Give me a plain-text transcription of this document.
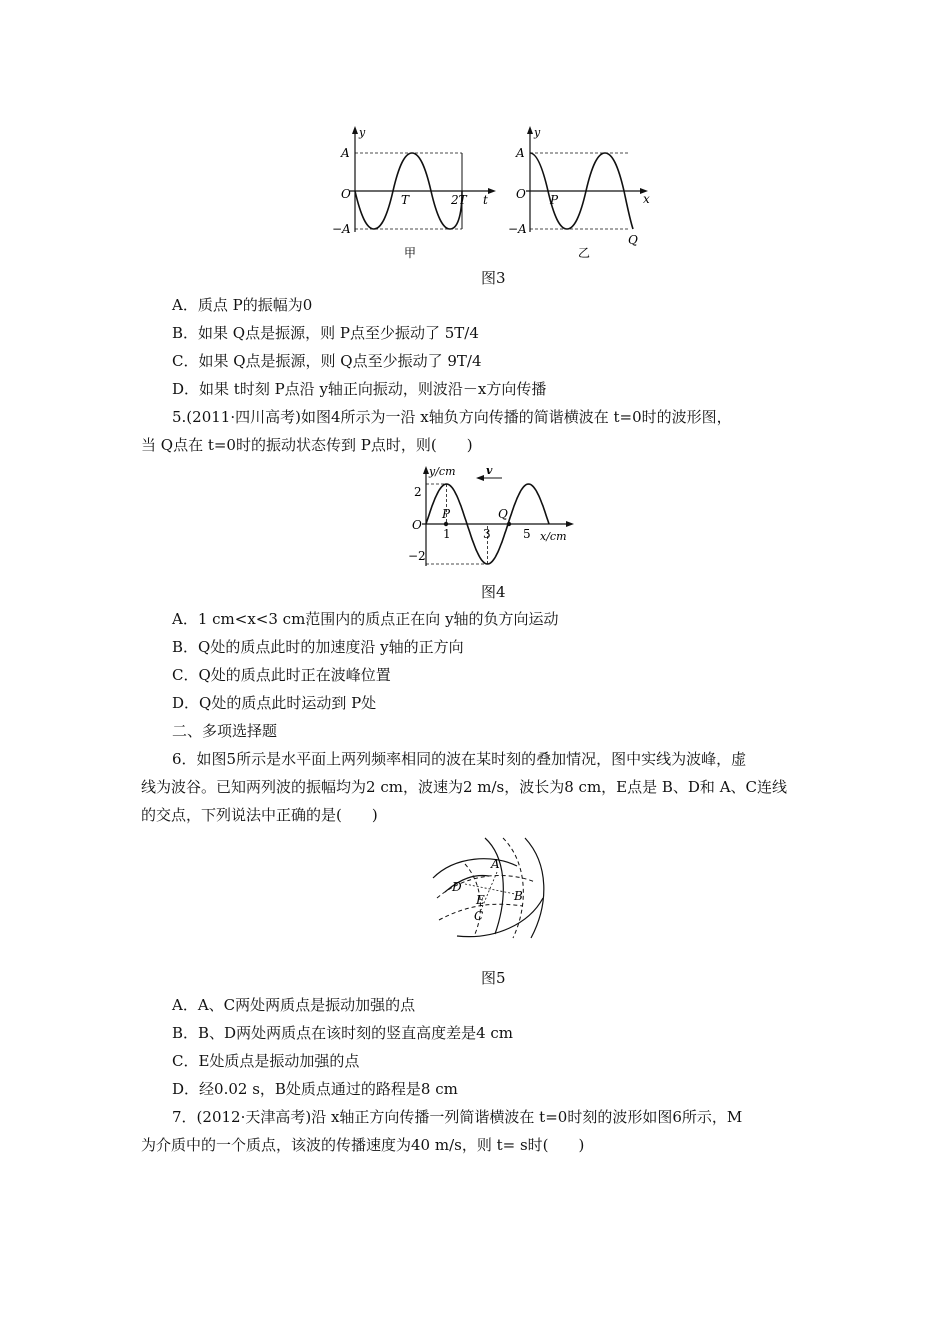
y
A
−A
O	T	2T t
甲
y
A
−A
O P	x
Q
乙
图3
A．质点 P的振幅为0
B．如果 Q点是振源，则 P点至少振动了 5T/4
C．如果 Q点是振源，则 Q点至少振动了 9T/4
D．如果 t时刻 P点沿 y轴正向振动，则波沿－x方向传播
5.(2011·四川高考)如图4所示为一沿 x轴负方向传播的简谐横波在 t=0时的波形图，
当 Q点在 t=0时的振动状态传到 P点时，则(　　)
v
y/cm
x/cm
O
2
−2
1	3	5
P	Q
图4
A．1 cm<x<3 cm范围内的质点正在向 y轴的负方向运动
B．Q处的质点此时的加速度沿 y轴的正方向
C．Q处的质点此时正在波峰位置
D．Q处的质点此时运动到 P处
二、多项选择题
6．如图5所示是水平面上两列频率相同的波在某时刻的叠加情况，图中实线为波峰，虚
线为波谷。已知两列波的振幅均为2 cm，波速为2 m/s，波长为8 cm，E点是 B、D和 A、C连线
的交点，下列说法中正确的是(　　)
A
B
C
D
E
图5
A．A、C两处两质点是振动加强的点
B．B、D两处两质点在该时刻的竖直高度差是4 cm
C．E处质点是振动加强的点
D．经0.02 s，B处质点通过的路程是8 cm
7．(2012·天津高考)沿 x轴正方向传播一列简谐横波在 t=0时刻的波形如图6所示，M
为介质中的一个质点，该波的传播速度为40 m/s，则 t= s时(　　)
